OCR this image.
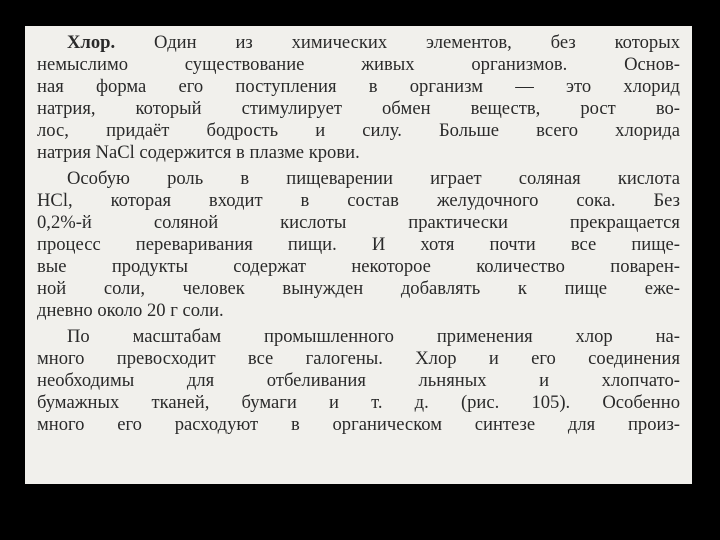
Хлор. Один из химических элементов, без которых
немыслимо существование живых организмов. Основ-
ная форма его поступления в организм — это хлорид
натрия, который стимулирует обмен веществ, рост во-
лос, придаёт бодрость и силу. Больше всего хлорида
натрия NaCl содержится в плазме крови.
Особую роль в пищеварении играет соляная кислота
HCl, которая входит в состав желудочного сока. Без
0,2%-й соляной кислоты практически прекращается
процесс переваривания пищи. И хотя почти все пище-
вые продукты содержат некоторое количество поварен-
ной соли, человек вынужден добавлять к пище еже-
дневно около 20 г соли.
По масштабам промышленного применения хлор на-
много превосходит все галогены. Хлор и его соединения
необходимы для отбеливания льняных и хлопчато-
бумажных тканей, бумаги и т. д. (рис. 105). Особенно
много его расходуют в органическом синтезе для произ-
